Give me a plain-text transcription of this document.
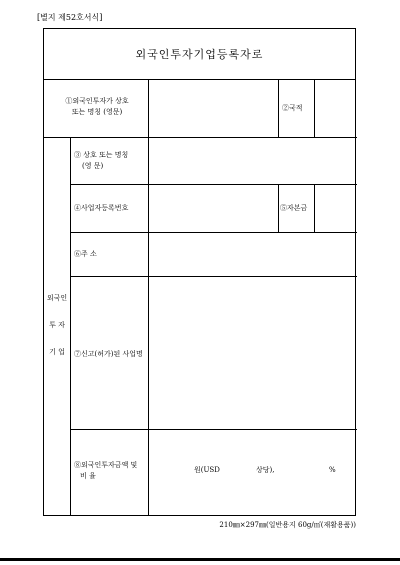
[별지 제52호서식]
외국인투자기업등록자로
①외국인투자가 상호
또는 명칭 (영문)	②국적
외국인
투 자
기 업
③ 상호 또는 명칭
(영 문)
④사업자등록번호	⑤자본금
⑥주 소
⑦신고(허가)된 사업명
⑧외국인투자금액 및
비 율
원(USD	상당),	%
210㎜×297㎜(일반용지 60g/㎡(재활용품))
